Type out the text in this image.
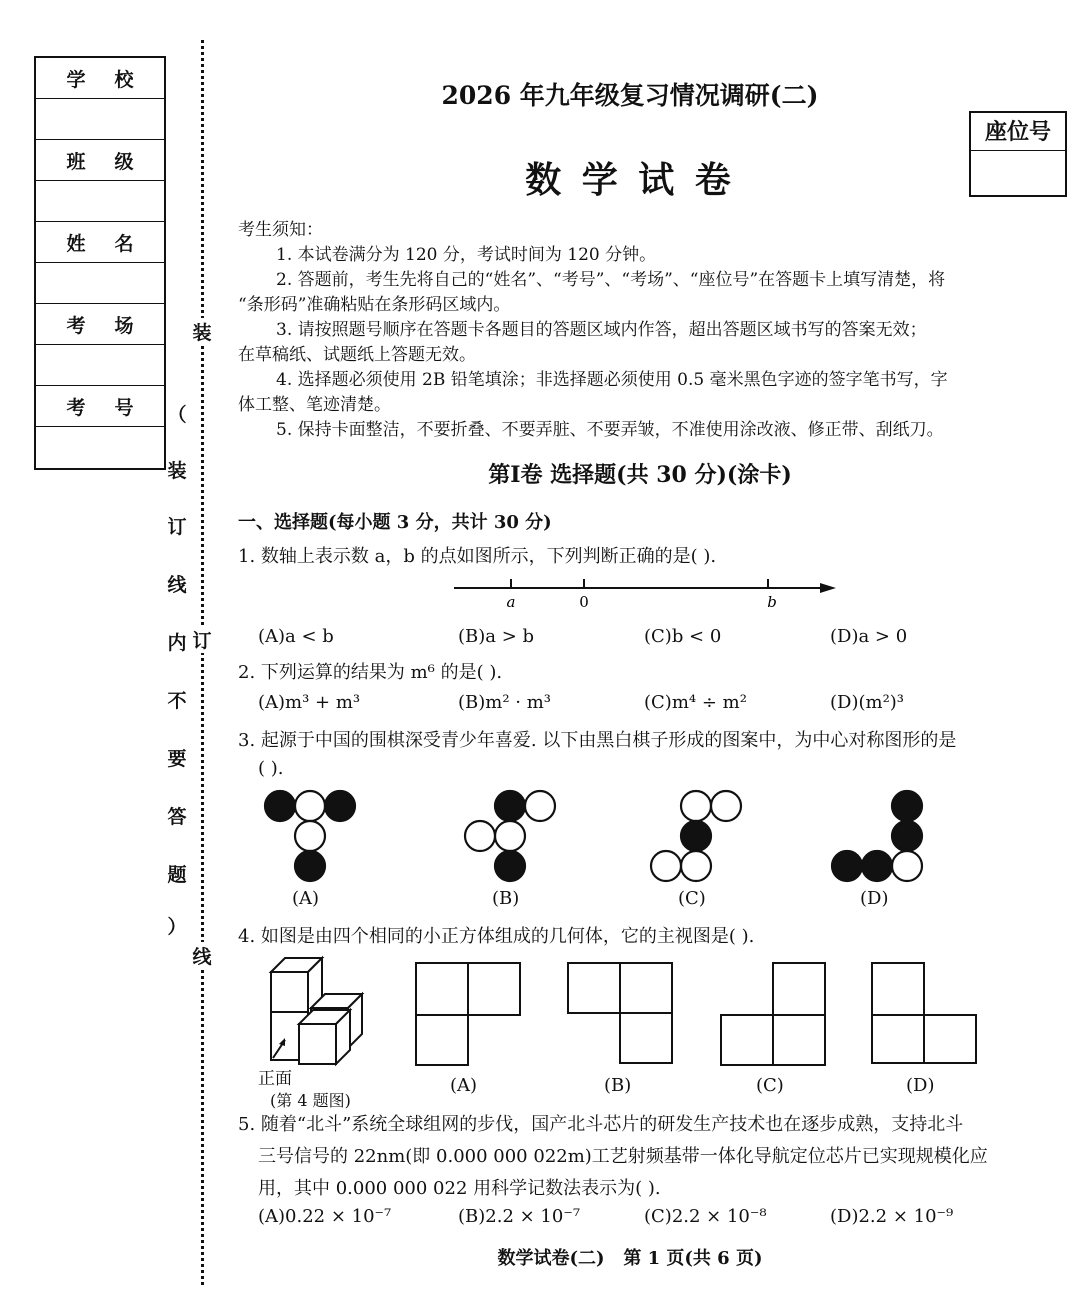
学 校
班 级
姓 名
考 场
考 号
装
订
线
（
装
订
线
内
不
要
答
题
）
2026 年九年级复习情况调研(二)
数 学 试 卷
座位号
考生须知：
1. 本试卷满分为 120 分，考试时间为 120 分钟。
2. 答题前，考生先将自己的“姓名”、“考号”、“考场”、“座位号”在答题卡上填写清楚，将
“条形码”准确粘贴在条形码区域内。
3. 请按照题号顺序在答题卡各题目的答题区域内作答，超出答题区域书写的答案无效；
在草稿纸、试题纸上答题无效。
4. 选择题必须使用 2B 铅笔填涂；非选择题必须使用 0.5 毫米黑色字迹的签字笔书写，字
体工整、笔迹清楚。
5. 保持卡面整洁，不要折叠、不要弄脏、不要弄皱，不准使用涂改液、修正带、刮纸刀。
第Ⅰ卷 选择题(共 30 分)(涂卡)
一、选择题(每小题 3 分，共计 30 分)
1. 数轴上表示数 a，b 的点如图所示，下列判断正确的是( ).
a	0	b
(A)a < b	(B)a > b	(C)b < 0	(D)a > 0
2. 下列运算的结果为 m⁶ 的是( ).
(A)m³ + m³	(B)m² · m³	(C)m⁴ ÷ m²	(D)(m²)³
3. 起源于中国的围棋深受青少年喜爱. 以下由黑白棋子形成的图案中，为中心对称图形的是
( ).
(A)	(B)	(C)	(D)
4. 如图是由四个相同的小正方体组成的几何体，它的主视图是( ).
正面
(第 4 题图)
(A)	(B)	(C)	(D)
5. 随着“北斗”系统全球组网的步伐，国产北斗芯片的研发生产技术也在逐步成熟，支持北斗
三号信号的 22nm(即 0.000 000 022m)工艺射频基带一体化导航定位芯片已实现规模化应
用，其中 0.000 000 022 用科学记数法表示为( ).
(A)0.22 × 10⁻⁷	(B)2.2 × 10⁻⁷	(C)2.2 × 10⁻⁸	(D)2.2 × 10⁻⁹
数学试卷(二)   第 1 页(共 6 页)
